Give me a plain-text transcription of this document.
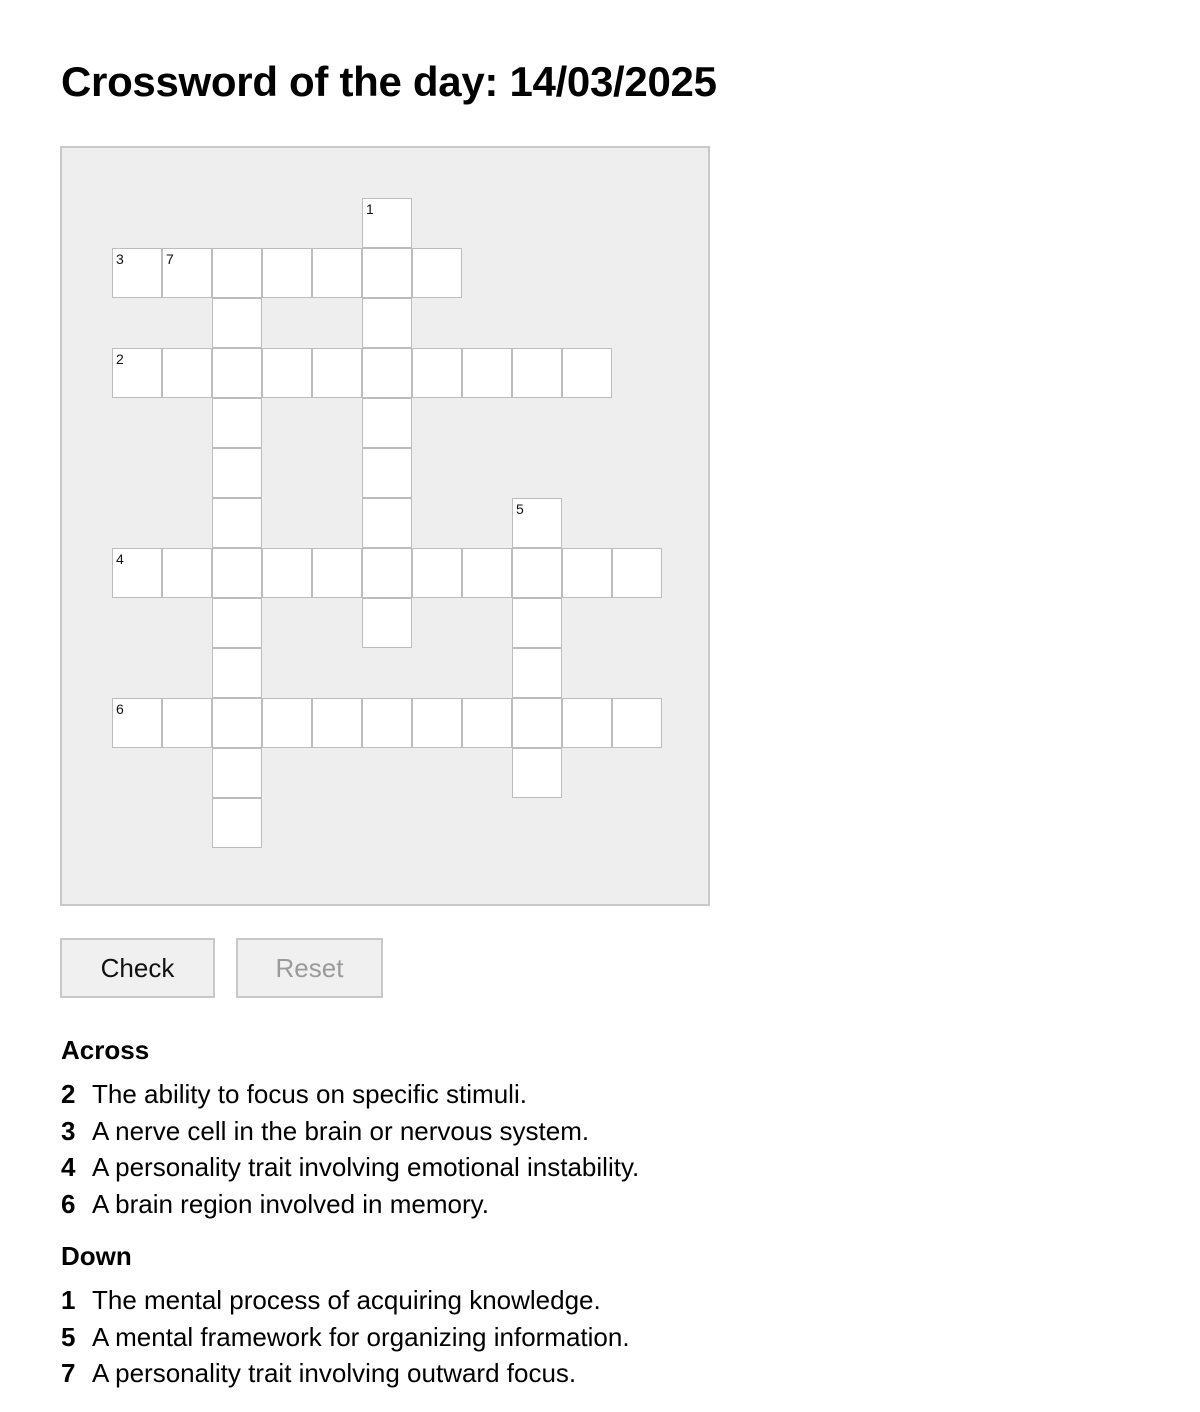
Crossword of the day: 14/03/2025
1
3	7
2
5
4
6
Check	Reset
Across
2 The ability to focus on specific stimuli.
3 A nerve cell in the brain or nervous system.
4 A personality trait involving emotional instability.
6 A brain region involved in memory.
Down
1 The mental process of acquiring knowledge.
5 A mental framework for organizing information.
7 A personality trait involving outward focus.
